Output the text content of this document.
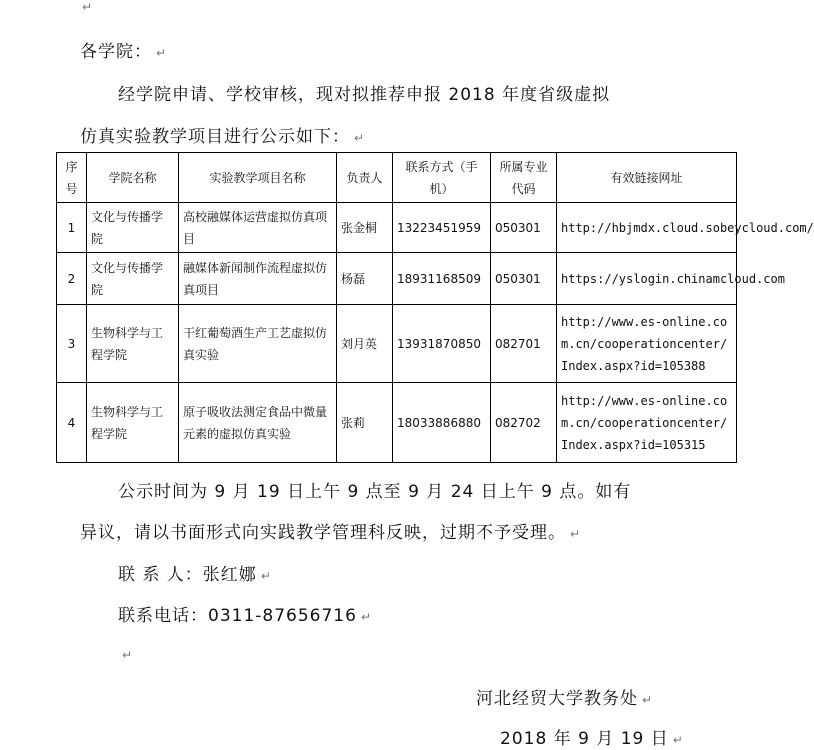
↵
各学院： ↵
经学院申请、学校审核，现对拟推荐申报 2018 年度省级虚拟
仿真实验教学项目进行公示如下： ↵
序号	学院名称	实验教学项目名称	负责人	联系方式（手机）	所属专业代码	有效链接网址
1	文化与传播学院	高校融媒体运营虚拟仿真项目	张金桐	13223451959	050301	http://hbjmdx.cloud.sobeycloud.com/
2	文化与传播学院	融媒体新闻制作流程虚拟仿真项目	杨磊	18931168509	050301	https://yslogin.chinamcloud.com
3	生物科学与工程学院	干红葡萄酒生产工艺虚拟仿真实验	刘月英	13931870850	082701	http://www.es-online.com.cn/cooperationcenter/Index.aspx?id=105388
4	生物科学与工程学院	原子吸收法测定食品中微量元素的虚拟仿真实验	张莉	18033886880	082702	http://www.es-online.com.cn/cooperationcenter/Index.aspx?id=105315
公示时间为 9 月 19 日上午 9 点至 9 月 24 日上午 9 点。如有
异议，请以书面形式向实践教学管理科反映，过期不予受理。 ↵
联 系 人：张红娜 ↵
联系电话：0311-87656716 ↵
↵
河北经贸大学教务处 ↵
2018 年 9 月 19 日 ↵
